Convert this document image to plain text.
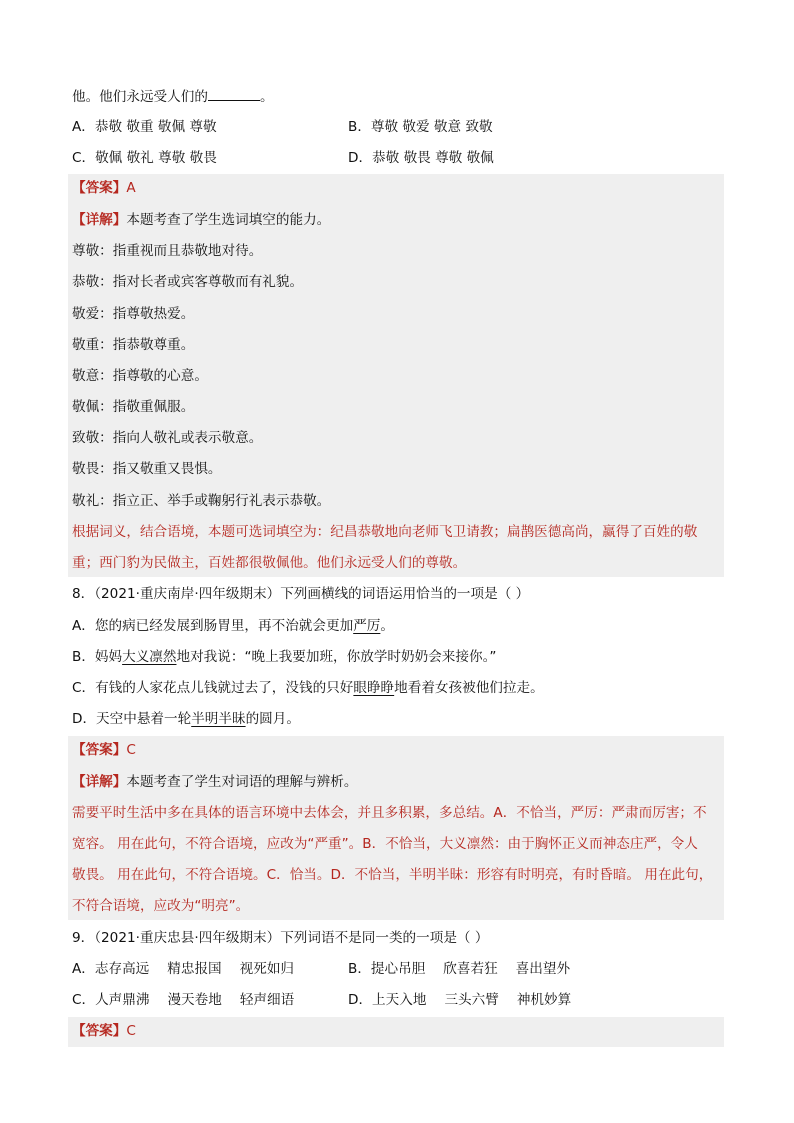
他。他们永远受人们的	。
A．恭敬 敬重 敬佩 尊敬	B．尊敬 敬爱 敬意 致敬
C．敬佩 敬礼 尊敬 敬畏	D．恭敬 敬畏 尊敬 敬佩
【答案】A
【详解】本题考查了学生选词填空的能力。
尊敬：指重视而且恭敬地对待。
恭敬：指对长者或宾客尊敬而有礼貌。
敬爱：指尊敬热爱。
敬重：指恭敬尊重。
敬意：指尊敬的心意。
敬佩：指敬重佩服。
致敬：指向人敬礼或表示敬意。
敬畏：指又敬重又畏惧。
敬礼：指立正、举手或鞠躬行礼表示恭敬。
根据词义，结合语境，本题可选词填空为：纪昌恭敬地向老师飞卫请教；扁鹊医德高尚，赢得了百姓的敬
重；西门豹为民做主，百姓都很敬佩他。他们永远受人们的尊敬。
8．（2021·重庆南岸·四年级期末）下列画横线的词语运用恰当的一项是（ ）
A．您的病已经发展到肠胃里，再不治就会更加严厉。
B．妈妈大义凛然地对我说：“晚上我要加班，你放学时奶奶会来接你。”
C．有钱的人家花点儿钱就过去了，没钱的只好眼睁睁地看着女孩被他们拉走。
D．天空中悬着一轮半明半昧的圆月。
【答案】C
【详解】本题考查了学生对词语的理解与辨析。
需要平时生活中多在具体的语言环境中去体会，并且多积累，多总结。A．不恰当，严厉：严肃而厉害；不
宽容。 用在此句，不符合语境，应改为“严重”。B．不恰当，大义凛然：由于胸怀正义而神态庄严，令人
敬畏。 用在此句，不符合语境。C．恰当。D．不恰当，半明半昧：形容有时明亮，有时昏暗。 用在此句，
不符合语境，应改为“明亮”。
9．（2021·重庆忠县·四年级期末）下列词语不是同一类的一项是（ ）
A．志存高远 精忠报国 视死如归	B．提心吊胆 欣喜若狂 喜出望外
C．人声鼎沸 漫天卷地 轻声细语	D．上天入地 三头六臂 神机妙算
【答案】C
